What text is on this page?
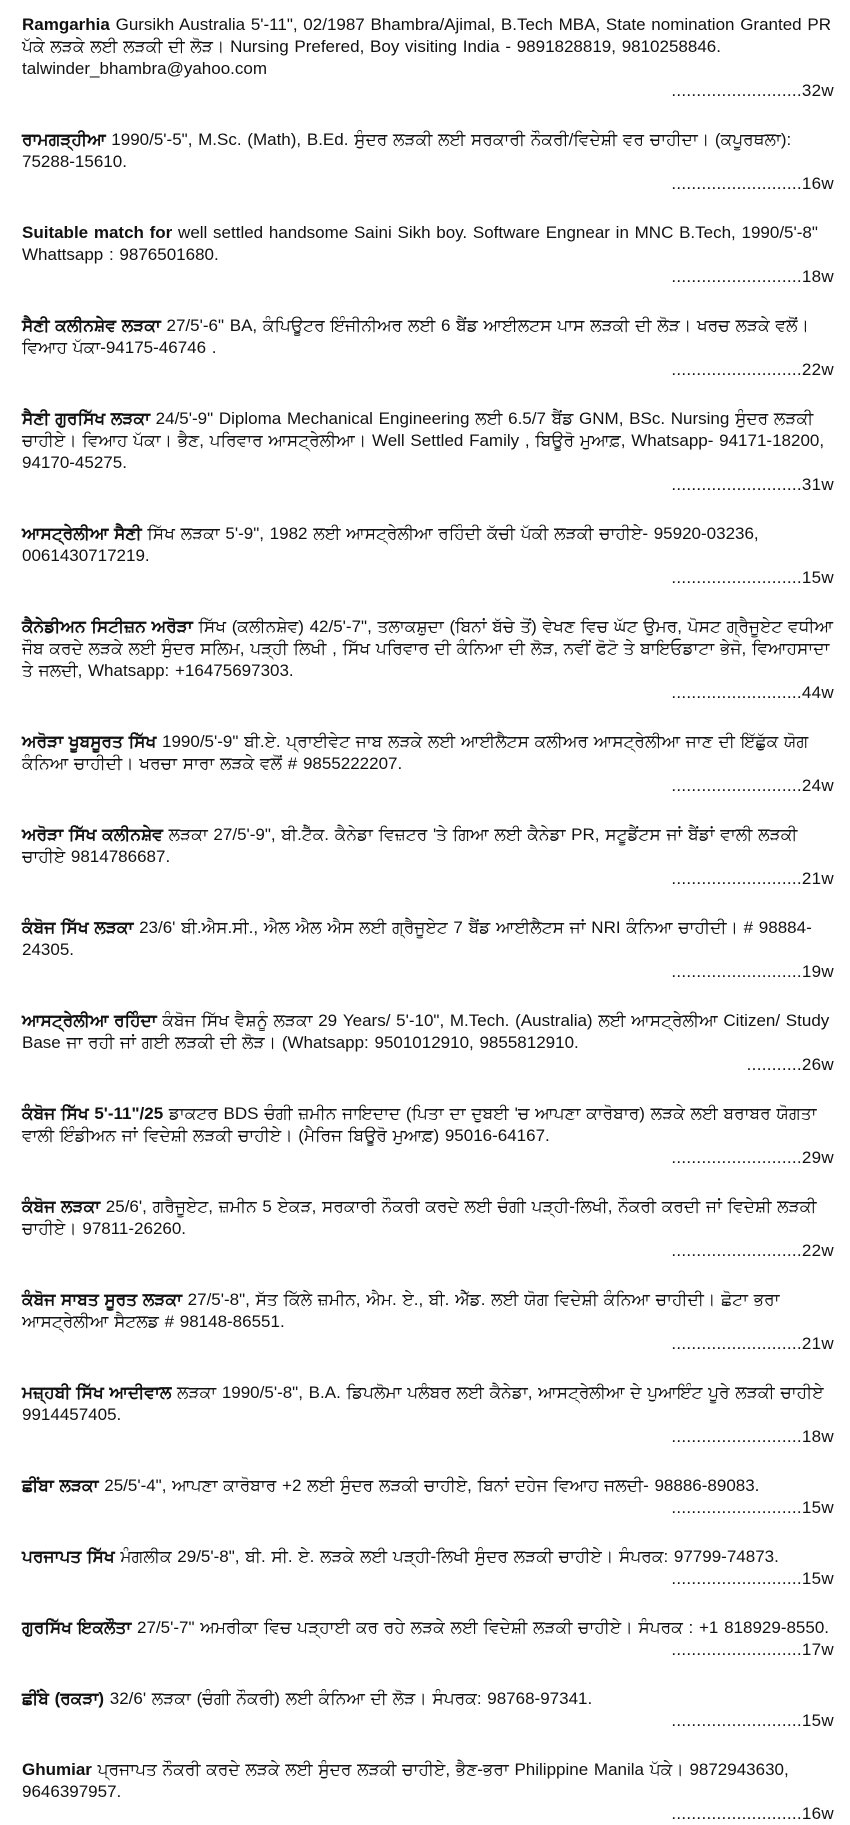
Ramgarhia Gursikh Australia 5'-11", 02/1987 Bhambra/Ajimal, B.Tech MBA, State nomination Granted PR ਪੱਕੇ ਲੜਕੇ ਲਈ ਲੜਕੀ ਦੀ ਲੋੜ। Nursing Prefered, Boy visiting India - 9891828819, 9810258846. talwinder_bhambra@yahoo.com
..........................32w
ਰਾਮਗੜ੍ਹੀਆ 1990/5'-5", M.Sc. (Math), B.Ed. ਸੁੰਦਰ ਲੜਕੀ ਲਈ ਸਰਕਾਰੀ ਨੌਕਰੀ/ਵਿਦੇਸ਼ੀ ਵਰ ਚਾਹੀਦਾ। (ਕਪੂਰਥਲਾ): 75288-15610.
..........................16w
Suitable match for well settled handsome Saini Sikh boy. Software Engnear in MNC B.Tech, 1990/5'-8" Whattsapp : 9876501680.
..........................18w
ਸੈਣੀ ਕਲੀਨਸ਼ੇਵ ਲੜਕਾ 27/5'-6" BA, ਕੰਪਿਊਟਰ ਇੰਜੀਨੀਅਰ ਲਈ 6 ਬੈਂਡ ਆਈਲਟਸ ਪਾਸ ਲੜਕੀ ਦੀ ਲੋੜ। ਖਰਚ ਲੜਕੇ ਵਲੋਂ। ਵਿਆਹ ਪੱਕਾ-94175-46746 .
..........................22w
ਸੈਣੀ ਗੁਰਸਿੱਖ ਲੜਕਾ 24/5'-9" Diploma Mechanical Engineering ਲਈ 6.5/7 ਬੈਂਡ GNM, BSc. Nursing ਸੁੰਦਰ ਲੜਕੀ ਚਾਹੀਏ। ਵਿਆਹ ਪੱਕਾ। ਭੈਣ, ਪਰਿਵਾਰ ਆਸਟ੍ਰੇਲੀਆ। Well Settled Family , ਬਿਊਰੋ ਮੁਆਫ਼, Whatsapp- 94171-18200, 94170-45275.
..........................31w
ਆਸਟ੍ਰੇਲੀਆ ਸੈਣੀ ਸਿੱਖ ਲੜਕਾ 5'-9", 1982 ਲਈ ਆਸਟ੍ਰੇਲੀਆ ਰਹਿੰਦੀ ਕੱਚੀ ਪੱਕੀ ਲੜਕੀ ਚਾਹੀਏ- 95920-03236, 0061430717219.
..........................15w
ਕੈਨੇਡੀਅਨ ਸਿਟੀਜ਼ਨ ਅਰੋੜਾ ਸਿੱਖ (ਕਲੀਨਸ਼ੇਵ) 42/5'-7", ਤਲਾਕਸ਼ੁਦਾ (ਬਿਨਾਂ ਬੱਚੇ ਤੋਂ) ਵੇਖਣ ਵਿਚ ਘੱਟ ਉਮਰ, ਪੋਸਟ ਗ੍ਰੈਜੂਏਟ ਵਧੀਆ ਜੌਬ ਕਰਦੇ ਲੜਕੇ ਲਈ ਸੁੰਦਰ ਸਲਿਮ, ਪੜ੍ਹੀ ਲਿਖੀ , ਸਿੱਖ ਪਰਿਵਾਰ ਦੀ ਕੰਨਿਆ ਦੀ ਲੋੜ, ਨਵੀਂ ਫੋਟੋ ਤੇ ਬਾਇਓਡਾਟਾ ਭੇਜੋ, ਵਿਆਹਸਾਦਾ ਤੇ ਜਲਦੀ, Whatsapp: +16475697303.
..........................44w
ਅਰੋੜਾ ਖੂਬਸੂਰਤ ਸਿੱਖ 1990/5'-9" ਬੀ.ਏ. ਪ੍ਰਾਈਵੇਟ ਜਾਬ ਲੜਕੇ ਲਈ ਆਈਲੈਟਸ ਕਲੀਅਰ ਆਸਟ੍ਰੇਲੀਆ ਜਾਣ ਦੀ ਇੱਛੁੱਕ ਯੋਗ ਕੰਨਿਆ ਚਾਹੀਦੀ। ਖਰਚਾ ਸਾਰਾ ਲੜਕੇ ਵਲੋਂ # 9855222207.
..........................24w
ਅਰੋੜਾ ਸਿੱਖ ਕਲੀਨਸ਼ੇਵ ਲੜਕਾ 27/5'-9", ਬੀ.ਟੈੱਕ. ਕੈਨੇਡਾ ਵਿਜ਼ਟਰ 'ਤੇ ਗਿਆ ਲਈ ਕੈਨੇਡਾ PR, ਸਟੂਡੈਂਟਸ ਜਾਂ ਬੈਂਡਾਂ ਵਾਲੀ ਲੜਕੀ ਚਾਹੀਏ 9814786687.
..........................21w
ਕੰਬੋਜ ਸਿੱਖ ਲੜਕਾ 23/6' ਬੀ.ਐਸ.ਸੀ., ਐਲ ਐਲ ਐਸ ਲਈ ਗ੍ਰੈਜੂਏਟ 7 ਬੈਂਡ ਆਈਲੈਟਸ ਜਾਂ NRI ਕੰਨਿਆ ਚਾਹੀਦੀ। # 98884-24305.
..........................19w
ਆਸਟ੍ਰੇਲੀਆ ਰਹਿੰਦਾ ਕੰਬੋਜ ਸਿੱਖ ਵੈਸ਼ਨੂੰ ਲੜਕਾ 29 Years/ 5'-10", M.Tech. (Australia) ਲਈ ਆਸਟ੍ਰੇਲੀਆ Citizen/ Study Base ਜਾ ਰਹੀ ਜਾਂ ਗਈ ਲੜਕੀ ਦੀ ਲੋੜ। (Whatsapp: 9501012910, 9855812910.
...........26w
ਕੰਬੋਜ ਸਿੱਖ 5'-11"/25 ਡਾਕਟਰ BDS ਚੰਗੀ ਜ਼ਮੀਨ ਜਾਇਦਾਦ (ਪਿਤਾ ਦਾ ਦੁਬਈ 'ਚ ਆਪਣਾ ਕਾਰੋਬਾਰ) ਲੜਕੇ ਲਈ ਬਰਾਬਰ ਯੋਗਤਾ ਵਾਲੀ ਇੰਡੀਅਨ ਜਾਂ ਵਿਦੇਸ਼ੀ ਲੜਕੀ ਚਾਹੀਏ। (ਮੈਰਿਜ ਬਿਊਰੋ ਮੁਆਫ਼) 95016-64167.
..........................29w
ਕੰਬੋਜ ਲੜਕਾ 25/6', ਗਰੈਜੂਏਟ, ਜ਼ਮੀਨ 5 ਏਕੜ, ਸਰਕਾਰੀ ਨੌਕਰੀ ਕਰਦੇ ਲਈ ਚੰਗੀ ਪੜ੍ਹੀ-ਲਿਖੀ, ਨੌਕਰੀ ਕਰਦੀ ਜਾਂ ਵਿਦੇਸ਼ੀ ਲੜਕੀ ਚਾਹੀਏ। 97811-26260.
..........................22w
ਕੰਬੋਜ ਸਾਬਤ ਸੂਰਤ ਲੜਕਾ 27/5'-8", ਸੱਤ ਕਿੱਲੇ ਜ਼ਮੀਨ, ਐਮ. ਏ., ਬੀ. ਐੱਡ. ਲਈ ਯੋਗ ਵਿਦੇਸ਼ੀ ਕੰਨਿਆ ਚਾਹੀਦੀ। ਛੋਟਾ ਭਰਾ ਆਸਟ੍ਰੇਲੀਆ ਸੈਟਲਡ # 98148-86551.
..........................21w
ਮਜ਼੍ਹਬੀ ਸਿੱਖ ਆਦੀਵਾਲ ਲੜਕਾ 1990/5'-8", B.A. ਡਿਪਲੋਮਾ ਪਲੰਬਰ ਲਈ ਕੈਨੇਡਾ, ਆਸਟ੍ਰੇਲੀਆ ਦੇ ਪੁਆਇੰਟ ਪੂਰੇ ਲੜਕੀ ਚਾਹੀਏ 9914457405.
..........................18w
ਛੀਂਬਾ ਲੜਕਾ 25/5'-4", ਆਪਣਾ ਕਾਰੋਬਾਰ +2 ਲਈ ਸੁੰਦਰ ਲੜਕੀ ਚਾਹੀਏ, ਬਿਨਾਂ ਦਹੇਜ ਵਿਆਹ ਜਲਦੀ- 98886-89083.
..........................15w
ਪਰਜਾਪਤ ਸਿੱਖ ਮੰਗਲੀਕ 29/5'-8", ਬੀ. ਸੀ. ਏ. ਲੜਕੇ ਲਈ ਪੜ੍ਹੀ-ਲਿਖੀ ਸੁੰਦਰ ਲੜਕੀ ਚਾਹੀਏ। ਸੰਪਰਕ: 97799-74873.
..........................15w
ਗੁਰਸਿੱਖ ਇਕਲੌਤਾ 27/5'-7" ਅਮਰੀਕਾ ਵਿਚ ਪੜ੍ਹਾਈ ਕਰ ਰਹੇ ਲੜਕੇ ਲਈ ਵਿਦੇਸ਼ੀ ਲੜਕੀ ਚਾਹੀਏ। ਸੰਪਰਕ : +1 818929-8550.
..........................17w
ਛੀਂਬੇ (ਰਕੜਾ) 32/6' ਲੜਕਾ (ਚੰਗੀ ਨੌਕਰੀ) ਲਈ ਕੰਨਿਆ ਦੀ ਲੋੜ। ਸੰਪਰਕ: 98768-97341.
..........................15w
Ghumiar ਪ੍ਰਜਾਪਤ ਨੌਕਰੀ ਕਰਦੇ ਲੜਕੇ ਲਈ ਸੁੰਦਰ ਲੜਕੀ ਚਾਹੀਏ, ਭੈਣ-ਭਰਾ Philippine Manila ਪੱਕੇ। 9872943630, 9646397957.
..........................16w
